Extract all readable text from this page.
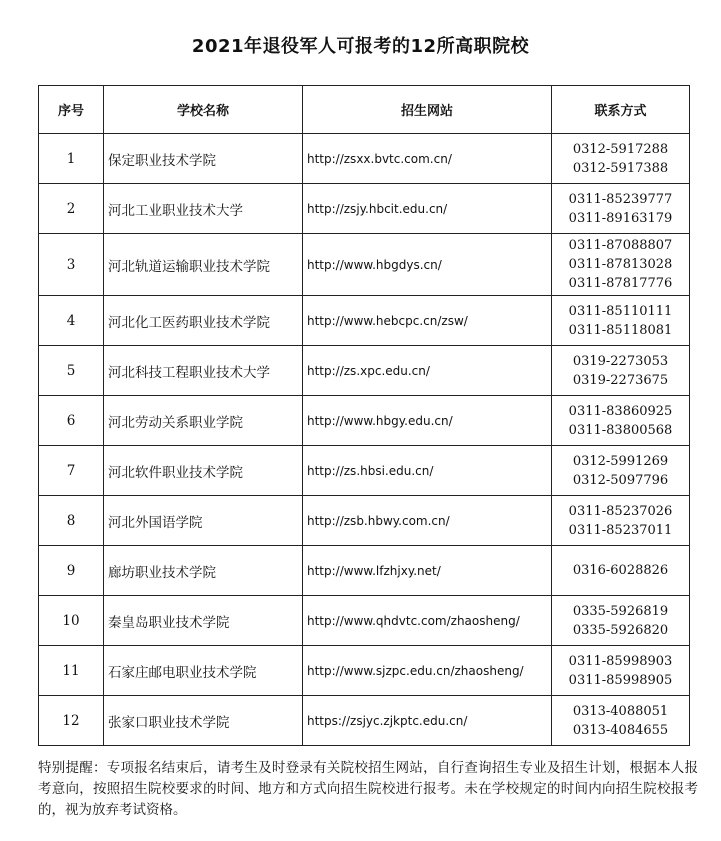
2021年退役军人可报考的12所高职院校
序号	学校名称	招生网站	联系方式
1	保定职业技术学院	http://zsxx.bvtc.com.cn/	0312-5917288
0312-5917388

2	河北工业职业技术大学	http://zsjy.hbcit.edu.cn/	0311-85239777
0311-89163179

3	河北轨道运输职业技术学院	http://www.hbgdys.cn/	0311-87088807
0311-87813028
0311-87817776

4	河北化工医药职业技术学院	http://www.hebcpc.cn/zsw/	0311-85110111
0311-85118081

5	河北科技工程职业技术大学	http://zs.xpc.edu.cn/	0319-2273053
0319-2273675

6	河北劳动关系职业学院	http://www.hbgy.edu.cn/	0311-83860925
0311-83800568

7	河北软件职业技术学院	http://zs.hbsi.edu.cn/	0312-5991269
0312-5097796

8	河北外国语学院	http://zsb.hbwy.com.cn/	0311-85237026
0311-85237011

9	廊坊职业技术学院	http://www.lfzhjxy.net/	0316-6028826

10	秦皇岛职业技术学院	http://www.qhdvtc.com/zhaosheng/	0335-5926819
0335-5926820

11	石家庄邮电职业技术学院	http://www.sjzpc.edu.cn/zhaosheng/	0311-85998903
0311-85998905

12	张家口职业技术学院	https://zsjyc.zjkptc.edu.cn/	0313-4088051
0313-4084655
特别提醒：专项报名结束后，请考生及时登录有关院校招生网站，自行查询招生专业及招生计划，根据本人报考意向，按照招生院校要求的时间、地方和方式向招生院校进行报考。未在学校规定的时间内向招生院校报考的，视为放弃考试资格。
